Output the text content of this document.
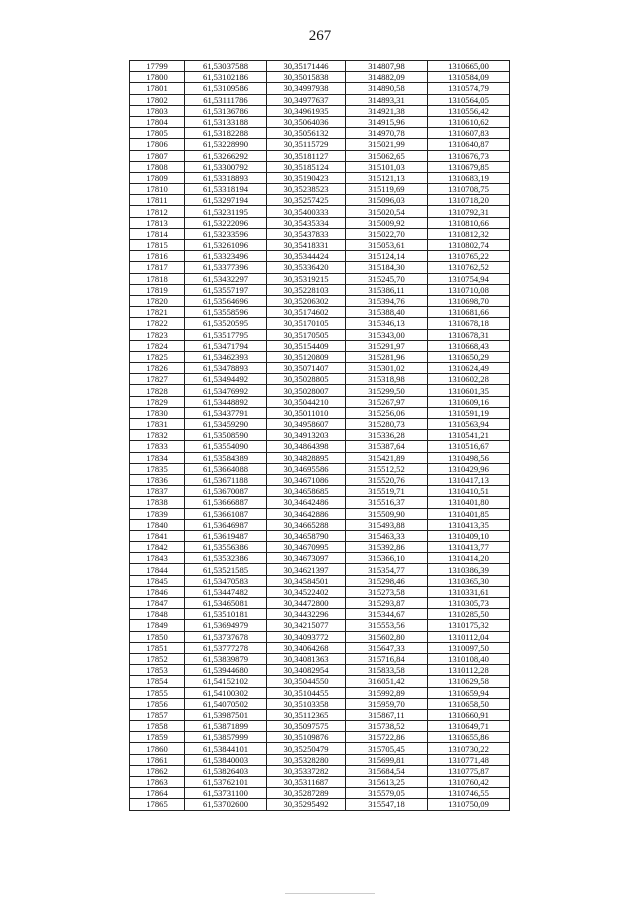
267
17799	61,53037588	30,35171446	314807,98	1310665,00
17800	61,53102186	30,35015838	314882,09	1310584,09
17801	61,53109586	30,34997938	314890,58	1310574,79
17802	61,53111786	30,34977637	314893,31	1310564,05
17803	61,53136786	30,34961935	314921,38	1310556,42
17804	61,53133188	30,35064036	314915,96	1310610,62
17805	61,53182288	30,35056132	314970,78	1310607,83
17806	61,53228990	30,35115729	315021,99	1310640,87
17807	61,53266292	30,35181127	315062,65	1310676,73
17808	61,53300792	30,35185124	315101,03	1310679,85
17809	61,53318893	30,35190423	315121,13	1310683,19
17810	61,53318194	30,35238523	315119,69	1310708,75
17811	61,53297194	30,35257425	315096,03	1310718,20
17812	61,53231195	30,35400333	315020,54	1310792,31
17813	61,53222096	30,35435334	315009,92	1310810,66
17814	61,53233596	30,35437833	315022,70	1310812,32
17815	61,53261096	30,35418331	315053,61	1310802,74
17816	61,53323496	30,35344424	315124,14	1310765,22
17817	61,53377396	30,35336420	315184,30	1310762,52
17818	61,53432297	30,35319215	315245,70	1310754,94
17819	61,53557197	30,35228103	315386,11	1310710,08
17820	61,53564696	30,35206302	315394,76	1310698,70
17821	61,53558596	30,35174602	315388,40	1310681,66
17822	61,53520595	30,35170105	315346,13	1310678,18
17823	61,53517795	30,35170505	315343,00	1310678,31
17824	61,53471794	30,35154409	315291,97	1310668,43
17825	61,53462393	30,35120809	315281,96	1310650,29
17826	61,53478893	30,35071407	315301,02	1310624,49
17827	61,53494492	30,35028805	315318,98	1310602,28
17828	61,53476992	30,35028007	315299,50	1310601,35
17829	61,53448892	30,35044210	315267,97	1310609,16
17830	61,53437791	30,35011010	315256,06	1310591,19
17831	61,53459290	30,34958607	315280,73	1310563,94
17832	61,53508590	30,34913203	315336,28	1310541,21
17833	61,53554090	30,34864398	315387,64	1310516,67
17834	61,53584389	30,34828895	315421,89	1310498,56
17835	61,53664088	30,34695586	315512,52	1310429,96
17836	61,53671188	30,34671086	315520,76	1310417,13
17837	61,53670087	30,34658685	315519,71	1310410,51
17838	61,53666887	30,34642486	315516,37	1310401,80
17839	61,53661087	30,34642886	315509,90	1310401,85
17840	61,53646987	30,34665288	315493,88	1310413,35
17841	61,53619487	30,34658790	315463,33	1310409,10
17842	61,53556386	30,34670995	315392,86	1310413,77
17843	61,53532386	30,34673097	315366,10	1310414,20
17844	61,53521585	30,34621397	315354,77	1310386,39
17845	61,53470583	30,34584501	315298,46	1310365,30
17846	61,53447482	30,34522402	315273,58	1310331,61
17847	61,53465081	30,34472800	315293,87	1310305,73
17848	61,53510181	30,34432296	315344,67	1310285,50
17849	61,53694979	30,34215077	315553,56	1310175,32
17850	61,53737678	30,34093772	315602,80	1310112,04
17851	61,53777278	30,34064268	315647,33	1310097,50
17852	61,53839879	30,34081363	315716,84	1310108,40
17853	61,53944680	30,34082954	315833,58	1310112,28
17854	61,54152102	30,35044550	316051,42	1310629,58
17855	61,54100302	30,35104455	315992,89	1310659,94
17856	61,54070502	30,35103358	315959,70	1310658,50
17857	61,53987501	30,35112365	315867,11	1310660,91
17858	61,53871899	30,35097575	315738,52	1310649,71
17859	61,53857999	30,35109876	315722,86	1310655,86
17860	61,53844101	30,35250479	315705,45	1310730,22
17861	61,53840003	30,35328280	315699,81	1310771,48
17862	61,53826403	30,35337282	315684,54	1310775,87
17863	61,53762101	30,35311687	315613,25	1310760,42
17864	61,53731100	30,35287289	315579,05	1310746,55
17865	61,53702600	30,35295492	315547,18	1310750,09
